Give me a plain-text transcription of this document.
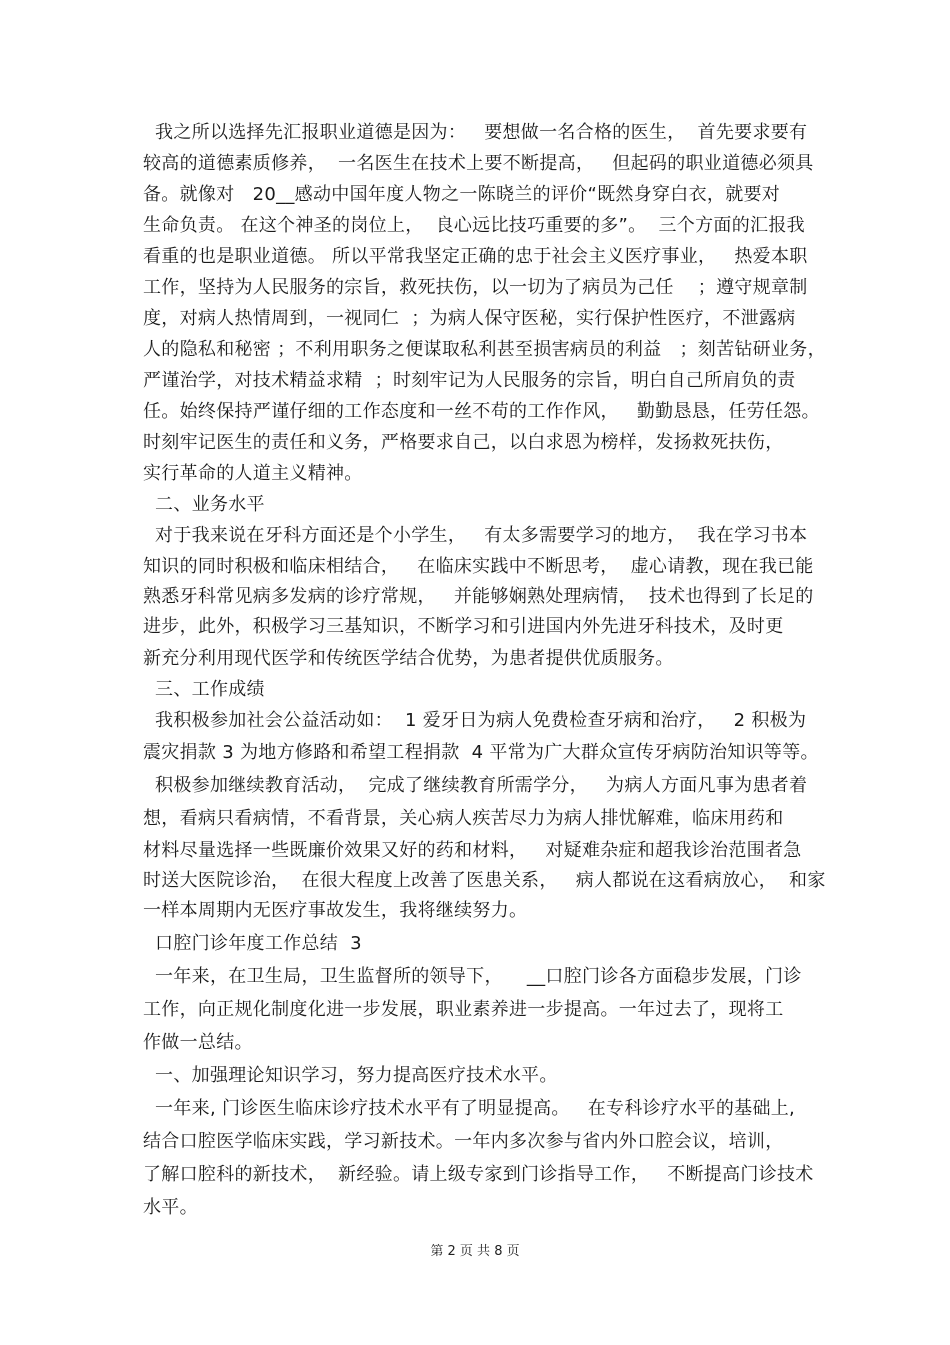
我之所以选择先汇报职业道德是因为：   要想做一名合格的医生，  首先要求要有
较高的道德素质修养，  一名医生在技术上要不断提高，   但起码的职业道德必须具
备。就像对   20__感动中国年度人物之一陈晓兰的评价“既然身穿白衣，就要对
生命负责。 在这个神圣的岗位上，  良心远比技巧重要的多”。  三个方面的汇报我
看重的也是职业道德。 所以平常我坚定正确的忠于社会主义医疗事业，   热爱本职
工作，坚持为人民服务的宗旨，救死扶伤，以一切为了病员为己任    ；遵守规章制
度，对病人热情周到，一视同仁  ；为病人保守医秘，实行保护性医疗，不泄露病
人的隐私和秘密 ；不利用职务之便谋取私利甚至损害病员的利益   ；刻苦钻研业务，
严谨治学，对技术精益求精  ；时刻牢记为人民服务的宗旨，明白自己所肩负的责
任。始终保持严谨仔细的工作态度和一丝不苟的工作作风，   勤勤恳恳，任劳任怨。
时刻牢记医生的责任和义务，严格要求自己，以白求恩为榜样，发扬救死扶伤，
实行革命的人道主义精神。
二、业务水平
对于我来说在牙科方面还是个小学生，   有太多需要学习的地方，  我在学习书本
知识的同时积极和临床相结合，   在临床实践中不断思考，  虚心请教，现在我已能
熟悉牙科常见病多发病的诊疗常规，   并能够娴熟处理病情，  技术也得到了长足的
进步，此外，积极学习三基知识，不断学习和引进国内外先进牙科技术，及时更
新充分利用现代医学和传统医学结合优势，为患者提供优质服务。
三、工作成绩
我积极参加社会公益活动如：  1 爱牙日为病人免费检查牙病和治疗，   2 积极为
震灾捐款 3 为地方修路和希望工程捐款  4 平常为广大群众宣传牙病防治知识等等。
积极参加继续教育活动，  完成了继续教育所需学分，   为病人方面凡事为患者着
想，看病只看病情，不看背景，关心病人疾苦尽力为病人排忧解难，临床用药和
材料尽量选择一些既廉价效果又好的药和材料，   对疑难杂症和超我诊治范围者急
时送大医院诊治，  在很大程度上改善了医患关系，   病人都说在这看病放心，  和家
一样本周期内无医疗事故发生，我将继续努力。
口腔门诊年度工作总结  3
一年来，在卫生局，卫生监督所的领导下，    __口腔门诊各方面稳步发展，门诊
工作，向正规化制度化进一步发展，职业素养进一步提高。一年过去了，现将工
作做一总结。
一、加强理论知识学习，努力提高医疗技术水平。
一年来, 门诊医生临床诊疗技术水平有了明显提高。   在专科诊疗水平的基础上,
结合口腔医学临床实践，学习新技术。一年内多次参与省内外口腔会议，培训，
了解口腔科的新技术，  新经验。请上级专家到门诊指导工作，   不断提高门诊技术
第 2 页 共 8 页
水平。
